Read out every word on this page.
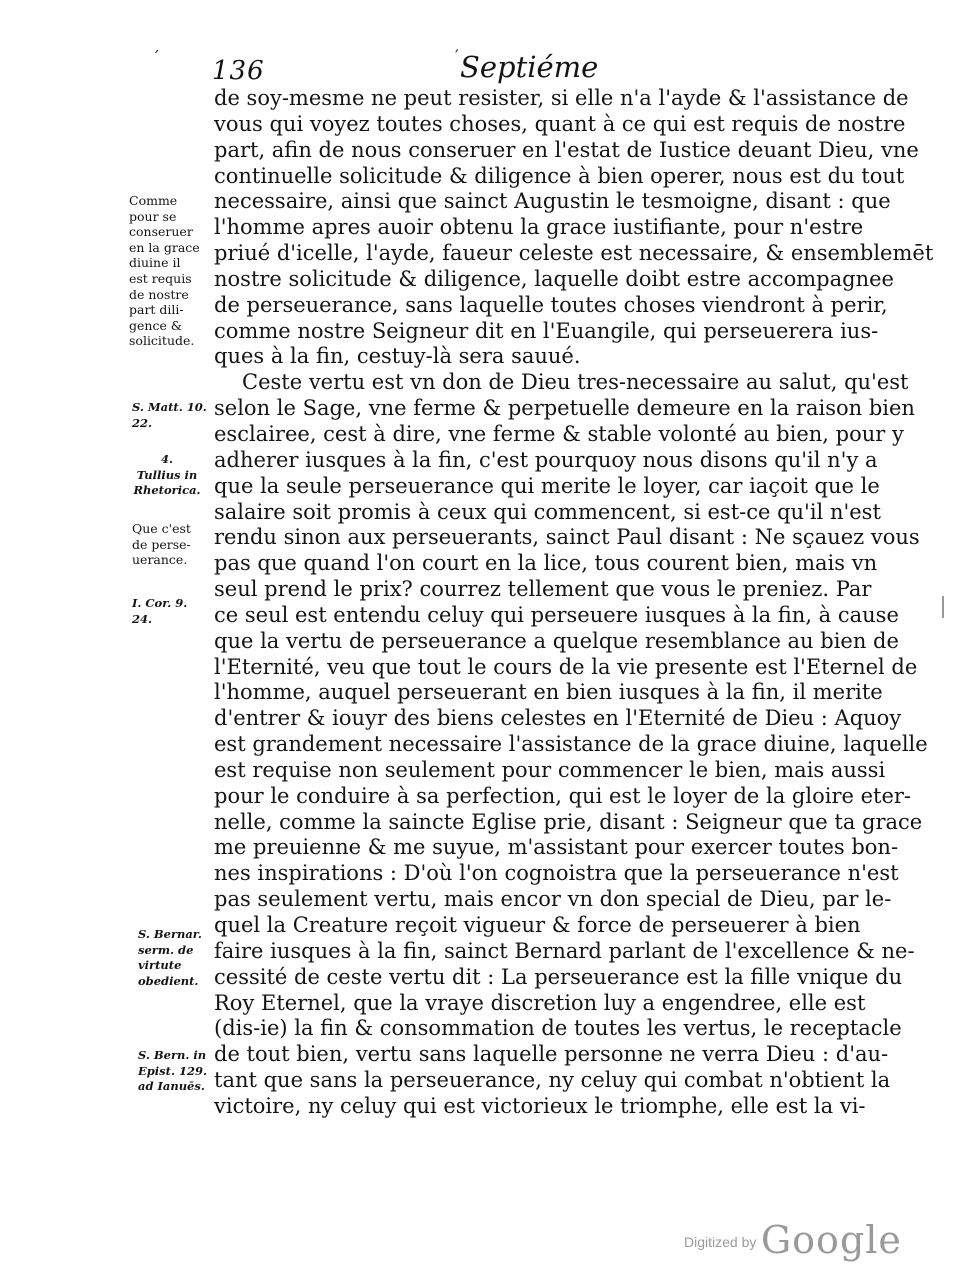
´ 136
′ Septiéme
de soy-mesme ne peut resister, si elle n'a l'ayde & l'assistance de
vous qui voyez toutes choses, quant à ce qui est requis de nostre
part, afin de nous conseruer en l'estat de Iustice deuant Dieu, vne
continuelle solicitude & diligence à bien operer, nous est du tout
necessaire, ainsi que sainct Augustin le tesmoigne, disant : que
l'homme apres auoir obtenu la grace iustifiante, pour n'estre
priué d'icelle, l'ayde, faueur celeste est necessaire, & ensemblemēt
nostre solicitude & diligence, laquelle doibt estre accompagnee
de perseuerance, sans laquelle toutes choses viendront à perir,
comme nostre Seigneur dit en l'Euangile, qui perseuerera ius-
ques à la fin, cestuy-là sera sauué.
Ceste vertu est vn don de Dieu tres-necessaire au salut, qu'est
selon le Sage, vne ferme & perpetuelle demeure en la raison bien
esclairee, cest à dire, vne ferme & stable volonté au bien, pour y
adherer iusques à la fin, c'est pourquoy nous disons qu'il n'y a
que la seule perseuerance qui merite le loyer, car iaçoit que le
salaire soit promis à ceux qui commencent, si est-ce qu'il n'est
rendu sinon aux perseuerants, sainct Paul disant : Ne sçauez vous
pas que quand l'on court en la lice, tous courent bien, mais vn
seul prend le prix? courrez tellement que vous le preniez. Par
ce seul est entendu celuy qui perseuere iusques à la fin, à cause
que la vertu de perseuerance a quelque resemblance au bien de
l'Eternité, veu que tout le cours de la vie presente est l'Eternel de
l'homme, auquel perseuerant en bien iusques à la fin, il merite
d'entrer & iouyr des biens celestes en l'Eternité de Dieu : Aquoy
est grandement necessaire l'assistance de la grace diuine, laquelle
est requise non seulement pour commencer le bien, mais aussi
pour le conduire à sa perfection, qui est le loyer de la gloire eter-
nelle, comme la saincte Eglise prie, disant : Seigneur que ta grace
me preuienne & me suyue, m'assistant pour exercer toutes bon-
nes inspirations : D'où l'on cognoistra que la perseuerance n'est
pas seulement vertu, mais encor vn don special de Dieu, par le-
quel la Creature reçoit vigueur & force de perseuerer à bien
faire iusques à la fin, sainct Bernard parlant de l'excellence & ne-
cessité de ceste vertu dit : La perseuerance est la fille vnique du
Roy Eternel, que la vraye discretion luy a engendree, elle est
(dis-ie) la fin & consommation de toutes les vertus, le receptacle
de tout bien, vertu sans laquelle personne ne verra Dieu : d'au-
tant que sans la perseuerance, ny celuy qui combat n'obtient la
victoire, ny celuy qui est victorieux le triomphe, elle est la vi-
Comme
pour se
conseruer
en la grace
diuine il
est requis
de nostre
part dili-
gence &
solicitude.
S. Matt. 10.
22.
4.
Tullius in
Rhetorica.
Que c'est
de perse-
uerance.
I. Cor. 9.
24.
S. Bernar.
serm. de
virtute
obedient.
S. Bern. in
Epist. 129.
ad Ianuēs.
Digitized by Google
